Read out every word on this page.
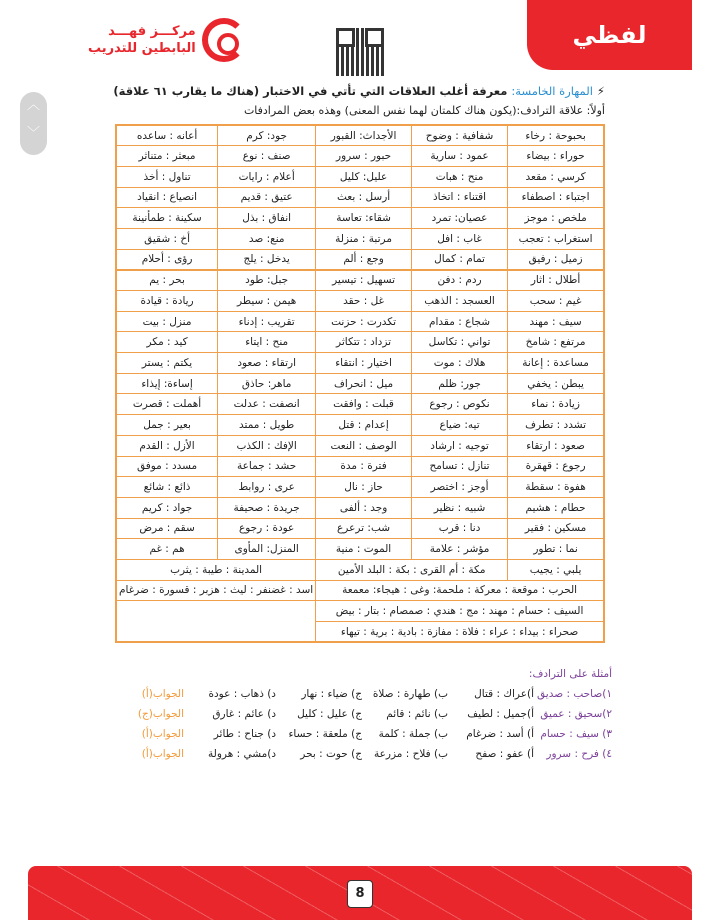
لفظي
مركـــز فهـــد
البابطين للتدريب
︿
﹀
⚡ المهارة الخامسة: معرفة أغلب العلاقات التي تأتي في الاختبار (هناك ما يقارب ٦١ علاقة)
أولاً: علاقة الترادف:(يكون هناك كلمتان لهما نفس المعنى) وهذه بعض المرادفات
بحبوحة : رخاء	شفافية : وضوح	الأجداث: القبور	جود: كرم	أعانه : ساعده
حوراء : بيضاء	عمود : سارية	حبور : سرور	صنف : نوع	مبعثر : متناثر
كرسي : مقعد	منح : هبات	عليل: كليل	أعلام : رايات	تناول : أخذ
اجتباء : اصطفاء	اقتناء : اتخاذ	أرسل : بعث	عتيق : قديم	انصياع : انقياد
ملخص : موجز	عصيان: تمرد	شقاء: تعاسة	انفاق : بذل	سكينة : طمأنينة
استغراب : تعجب	غاب : افل	مرتبة : منزلة	منع: صد	أخ : شقيق
زميل : رفيق	تمام : كمال	وجع : ألم	يدخل : يلج	رؤى : أحلام
أطلال : اثار	ردم : دفن	تسهيل : تيسير	جبل: طود	بحر : يم
غيم : سحب	العسجد : الذهب	غل : حقد	هيمن : سيطر	ريادة : قيادة
سيف : مهند	شجاع : مقدام	تكدرت : حزنت	تقريب : إدناء	منزل : بيت
مرتفع : شامخ	تواني : تكاسل	تزداد : تتكاثر	منح : ايتاء	كيد : مكر
مساعدة : إعانة	هلاك : موت	اختيار : انتقاء	ارتقاء : صعود	يكتم : يستر
يبطن : يخفي	جور: ظلم	ميل : انحراف	ماهر: حاذق	إساءة: إيذاء
زيادة : نماء	نكوص : رجوع	قبلت : وافقت	انصفت : عدلت	أهملت : قصرت
تشدد : تطرف	تيه: ضياع	إعدام : قتل	طويل : ممتد	بعير : جمل
صعود : ارتقاء	توجيه : ارشاد	الوصف : النعت	الإفك : الكذب	الأزل : القدم
رجوع : قهقرة	تنازل : تسامح	فترة : مدة	حشد : جماعة	مسدد : موفق
هفوة : سقطة	أوجز : اختصر	حاز : نال	عرى : روابط	ذائع : شائع
حطام : هشيم	شبيه : نظير	وجد : ألفى	جريدة : صحيفة	جواد : كريم
مسكين : فقير	دنا : قرب	شب: ترعرع	عودة : رجوع	سقم : مرض
نما : تطور	مؤشر : علامة	الموت : منية	المنزل: المأوى	هم : غم
يلبي : يجيب	مكة : أم القرى : بكة : البلد الأمين		المدينة : طيبة : يثرب	
الحرب : موقعة : معركة : ملحمة: وغى : هيجاء: معمعة			اسد : غضنفر : ليث : هزبر : قسورة : ضرغام	
السيف : حسام : مهند : مج : هندي : صمصام : بتار : بيض				
صحراء : بيداء : عراء : فلاة : مفازة : بادية : برية : تيهاء				
أمثلة على الترادف:
١)صاحب : صديق
أ)عراك : قتال
ب) طهارة : صلاة
ج) ضياء : نهار
د) ذهاب : عودة
الجواب(أ)
٢)سحيق : عميق
أ)جميل : لطيف
ب) نائم : قائم
ج) عليل : كليل
د) عائم : غارق
الجواب(ج)
٣) سيف : حسام
أ) أسد : ضرغام
ب) جملة : كلمة
ج) ملعقة : حساء
د) جناح : طائر
الجواب(أ)
٤) فرح : سرور
أ) عفو : صفح
ب) فلاح : مزرعة
ج) حوت : بحر
د)مشي : هرولة
الجواب(أ)
8
